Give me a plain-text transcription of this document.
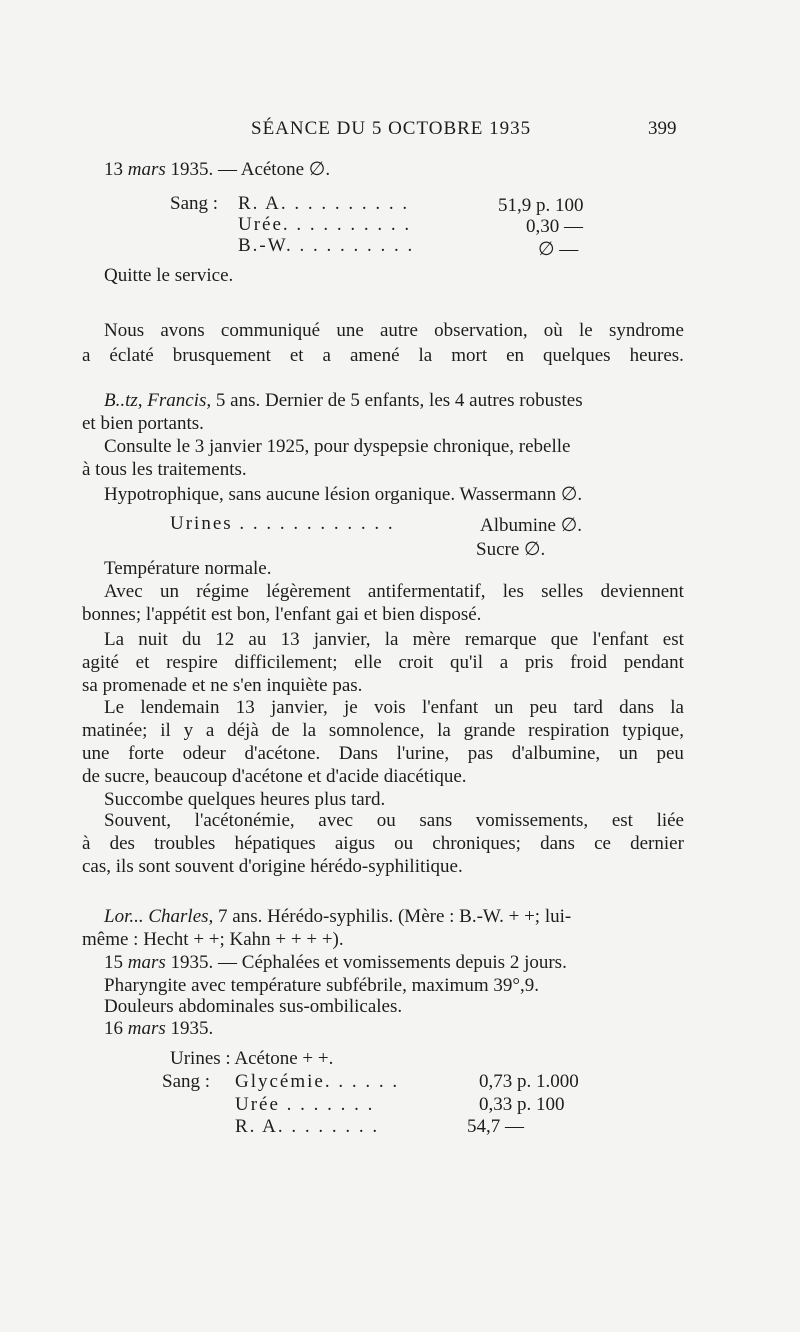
SÉANCE DU 5 OCTOBRE 1935	399
13 mars 1935. — Acétone ∅.
Sang : R. A. . . . . . . . . .	51,9 p. 100
Urée. . . . . . . . . .	0,30 —
B.-W. . . . . . . . . .	∅ —
Quitte le service.
Nous avons communiqué une autre observation, où le syndrome
a éclaté brusquement et a amené la mort en quelques heures.
B..tz, Francis, 5 ans. Dernier de 5 enfants, les 4 autres robustes
et bien portants.
Consulte le 3 janvier 1925, pour dyspepsie chronique, rebelle
à tous les traitements.
Hypotrophique, sans aucune lésion organique. Wassermann ∅.
Urines . . . . . . . . . . . .	Albumine ∅.
Sucre ∅.
Température normale.
Avec un régime légèrement antifermentatif, les selles deviennent
bonnes; l'appétit est bon, l'enfant gai et bien disposé.
La nuit du 12 au 13 janvier, la mère remarque que l'enfant est
agité et respire difficilement; elle croit qu'il a pris froid pendant
sa promenade et ne s'en inquiète pas.
Le lendemain 13 janvier, je vois l'enfant un peu tard dans la
matinée; il y a déjà de la somnolence, la grande respiration typique,
une forte odeur d'acétone. Dans l'urine, pas d'albumine, un peu
de sucre, beaucoup d'acétone et d'acide diacétique.
Succombe quelques heures plus tard.
Souvent, l'acétonémie, avec ou sans vomissements, est liée
à des troubles hépatiques aigus ou chroniques; dans ce dernier
cas, ils sont souvent d'origine hérédo-syphilitique.
Lor... Charles, 7 ans. Hérédo-syphilis. (Mère : B.-W. + +; lui-
même : Hecht + +; Kahn + + + +).
15 mars 1935. — Céphalées et vomissements depuis 2 jours.
Pharyngite avec température subfébrile, maximum 39°,9.
Douleurs abdominales sus-ombilicales.
16 mars 1935.
Urines : Acétone + +.
Sang : Glycémie. . . . . .	0,73 p. 1.000
Urée . . . . . . .	0,33 p. 100
R. A. . . . . . . .	54,7 —
